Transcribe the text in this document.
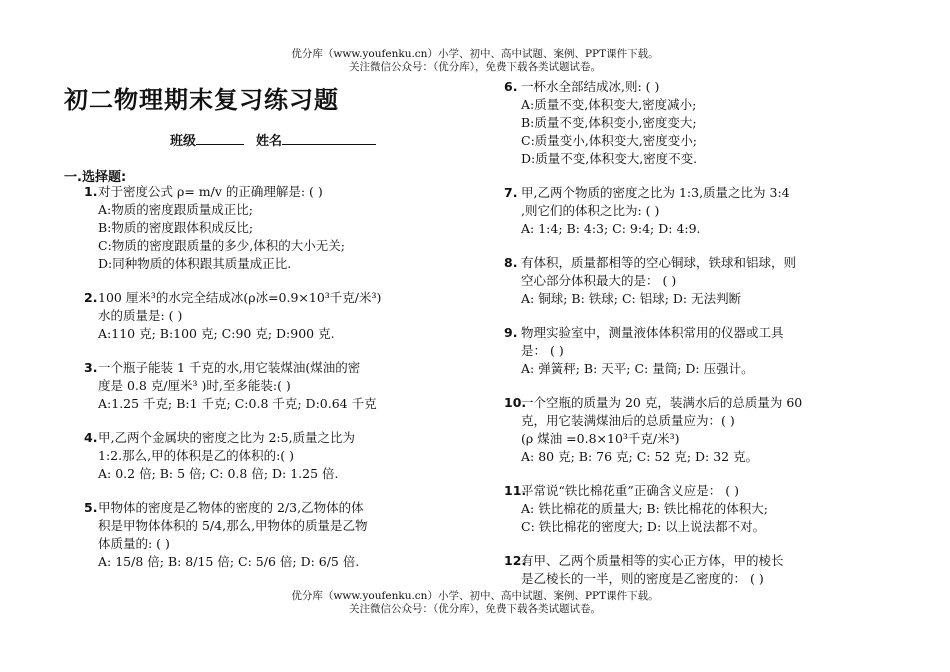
优分库（www.youfenku.cn）小学、初中、高中试题、案例、PPT课件下载。
关注微信公众号：（优分库），免费下载各类试题试卷。
初二物理期末复习练习题
班级	姓名
一.选择题:
1. 对于密度公式 ρ= m/v 的正确理解是: ( )
A:物质的密度跟质量成正比;
B:物质的密度跟体积成反比;
C:物质的密度跟质量的多少,体积的大小无关;
D:同种物质的体积跟其质量成正比.
2. 100 厘米³的水完全结成冰(ρ冰=0.9×10³千克/米³)
水的质量是: ( )
A:110 克; B:100 克; C:90 克; D:900 克.
3. 一个瓶子能装 1 千克的水,用它装煤油(煤油的密
度是 0.8 克/厘米³ )时,至多能装:( )
A:1.25 千克; B:1 千克; C:0.8 千克; D:0.64 千克
4. 甲,乙两个金属块的密度之比为 2:5,质量之比为
1:2.那么,甲的体积是乙的体积的:( )
A: 0.2 倍; B: 5 倍; C: 0.8 倍; D: 1.25 倍.
5. 甲物体的密度是乙物体的密度的 2/3,乙物体的体
积是甲物体体积的 5/4,那么,甲物体的质量是乙物
体质量的: ( )
A: 15/8 倍; B: 8/15 倍; C: 5/6 倍; D: 6/5 倍.
6. 一杯水全部结成冰,则: ( )
A:质量不变,体积变大,密度减小;
B:质量不变,体积变小,密度变大;
C:质量变小,体积变大,密度变小;
D:质量不变,体积变大,密度不变.
7. 甲,乙两个物质的密度之比为 1:3,质量之比为 3:4
,则它们的体积之比为: ( )
A: 1:4; B: 4:3; C: 9:4; D: 4:9.
8. 有体积，质量都相等的空心铜球，铁球和铝球，则
空心部分体积最大的是： ( )
A: 铜球; B: 铁球; C: 铝球; D: 无法判断
9. 物理实验室中，测量液体体积常用的仪器或工具
是： ( )
A: 弹簧秤; B: 天平; C: 量筒; D: 压强计。
10.
一个空瓶的质量为 20 克，装满水后的总质量为 60
克，用它装满煤油后的总质量应为：( )
(ρ 煤油 =0.8×10³千克/米³)
A: 80 克; B: 76 克; C: 52 克; D: 32 克。
11.
平常说“铁比棉花重”正确含义应是： ( )
A: 铁比棉花的质量大; B: 铁比棉花的体积大;
C: 铁比棉花的密度大; D: 以上说法都不对。
12.
有甲、乙两个质量相等的实心正方体，甲的棱长
是乙棱长的一半，则的密度是乙密度的： ( )
优分库（www.youfenku.cn）小学、初中、高中试题、案例、PPT课件下载。
关注微信公众号：（优分库），免费下载各类试题试卷。
